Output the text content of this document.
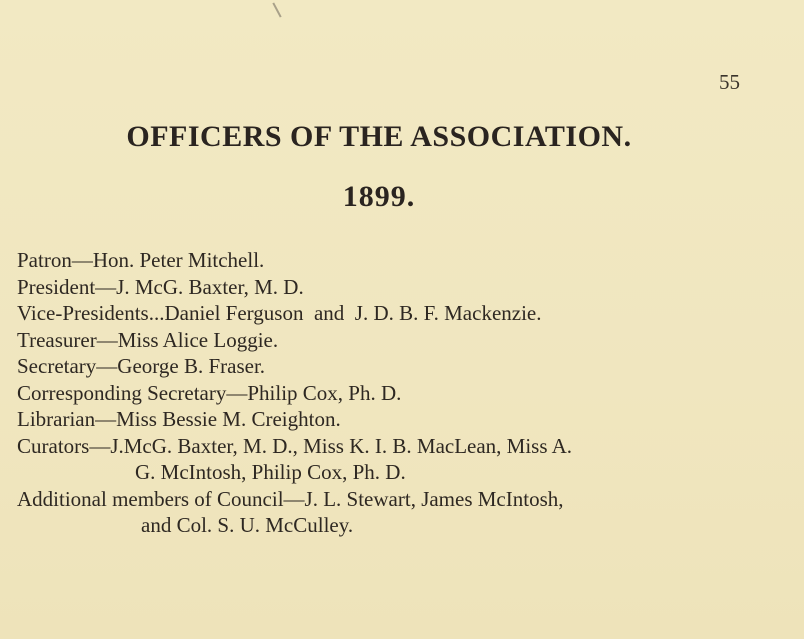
55
OFFICERS OF THE ASSOCIATION.
1899.
Patron—Hon. Peter Mitchell.
President—J. McG. Baxter, M. D.
Vice-Presidents...Daniel Ferguson  and  J. D. B. F. Mackenzie.
Treasurer—Miss Alice Loggie.
Secretary—George B. Fraser.
Corresponding Secretary—Philip Cox, Ph. D.
Librarian—Miss Bessie M. Creighton.
Curators—J.McG. Baxter, M. D., Miss K. I. B. MacLean, Miss A.
G. McIntosh, Philip Cox, Ph. D.
Additional members of Council—J. L. Stewart, James McIntosh,
and Col. S. U. McCulley.
